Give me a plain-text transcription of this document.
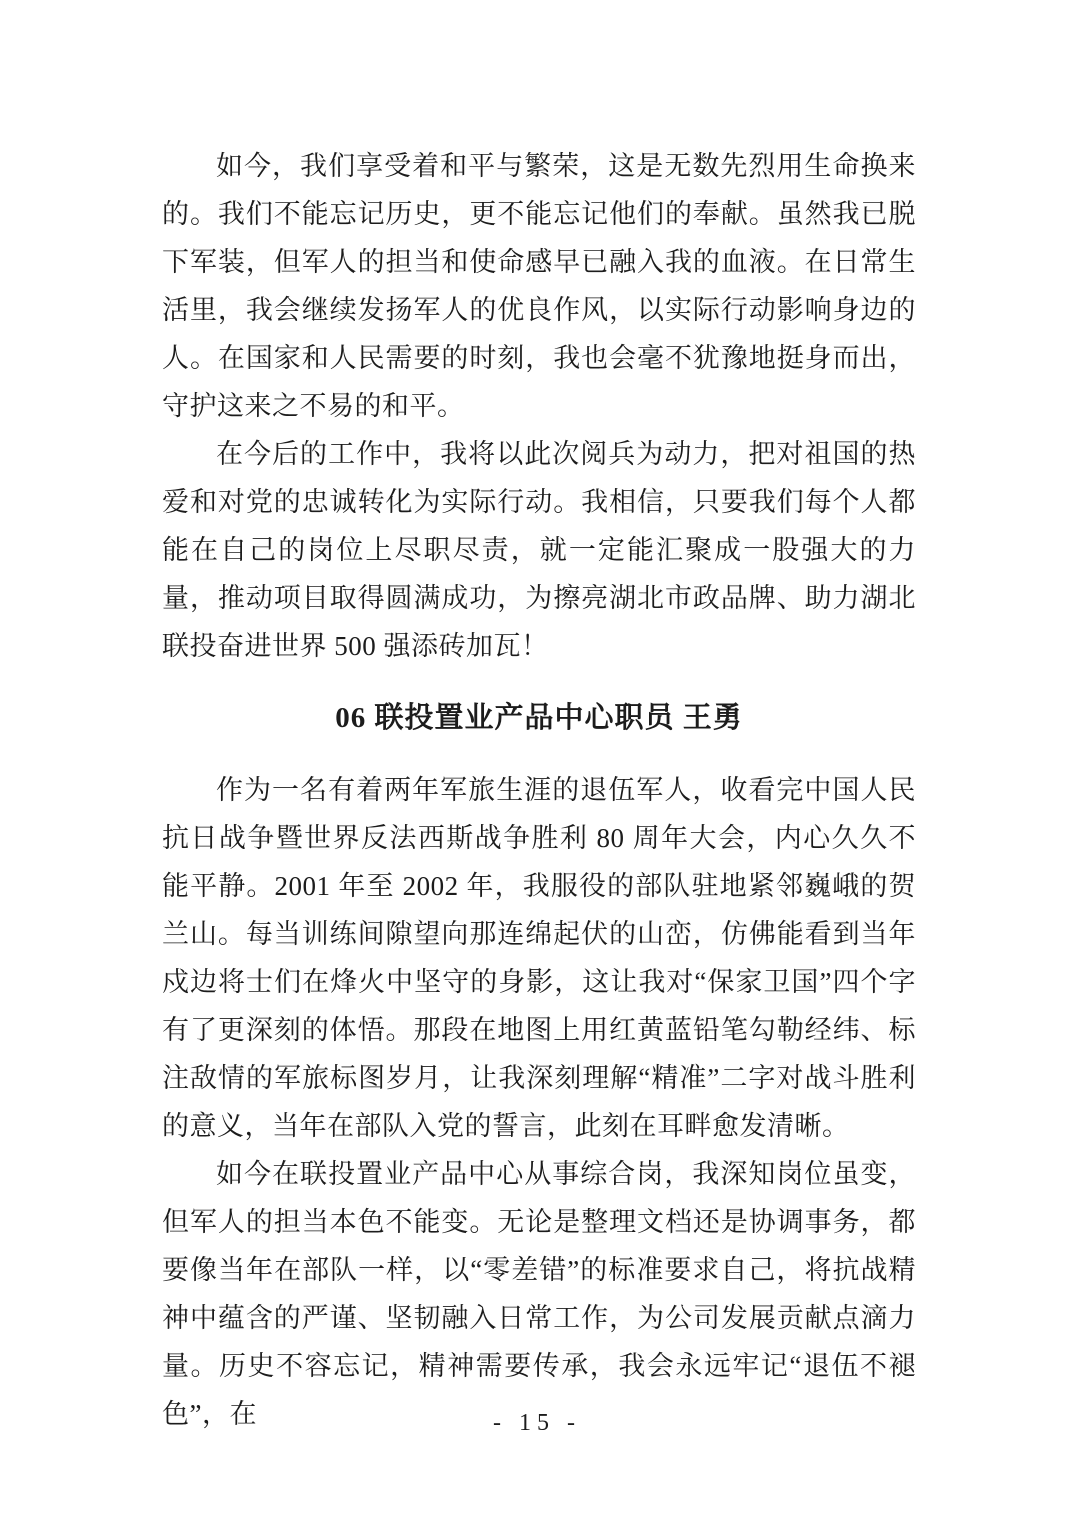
如今，我们享受着和平与繁荣，这是无数先烈用生命换来的。我们不能忘记历史，更不能忘记他们的奉献。虽然我已脱下军装，但军人的担当和使命感早已融入我的血液。在日常生活里，我会继续发扬军人的优良作风，以实际行动影响身边的人。在国家和人民需要的时刻，我也会毫不犹豫地挺身而出，守护这来之不易的和平。

在今后的工作中，我将以此次阅兵为动力，把对祖国的热爱和对党的忠诚转化为实际行动。我相信，只要我们每个人都能在自己的岗位上尽职尽责，就一定能汇聚成一股强大的力量，推动项目取得圆满成功，为擦亮湖北市政品牌、助力湖北联投奋进世界 500 强添砖加瓦！

06 联投置业产品中心职员 王勇

作为一名有着两年军旅生涯的退伍军人，收看完中国人民抗日战争暨世界反法西斯战争胜利 80 周年大会，内心久久不能平静。2001 年至 2002 年，我服役的部队驻地紧邻巍峨的贺兰山。每当训练间隙望向那连绵起伏的山峦，仿佛能看到当年戍边将士们在烽火中坚守的身影，这让我对“保家卫国”四个字有了更深刻的体悟。那段在地图上用红黄蓝铅笔勾勒经纬、标注敌情的军旅标图岁月，让我深刻理解“精准”二字对战斗胜利的意义，当年在部队入党的誓言，此刻在耳畔愈发清晰。

如今在联投置业产品中心从事综合岗，我深知岗位虽变，但军人的担当本色不能变。无论是整理文档还是协调事务，都要像当年在部队一样，以“零差错”的标准要求自己，将抗战精神中蕴含的严谨、坚韧融入日常工作，为公司发展贡献点滴力量。历史不容忘记，精神需要传承，我会永远牢记“退伍不褪色”，在	- 15 -
